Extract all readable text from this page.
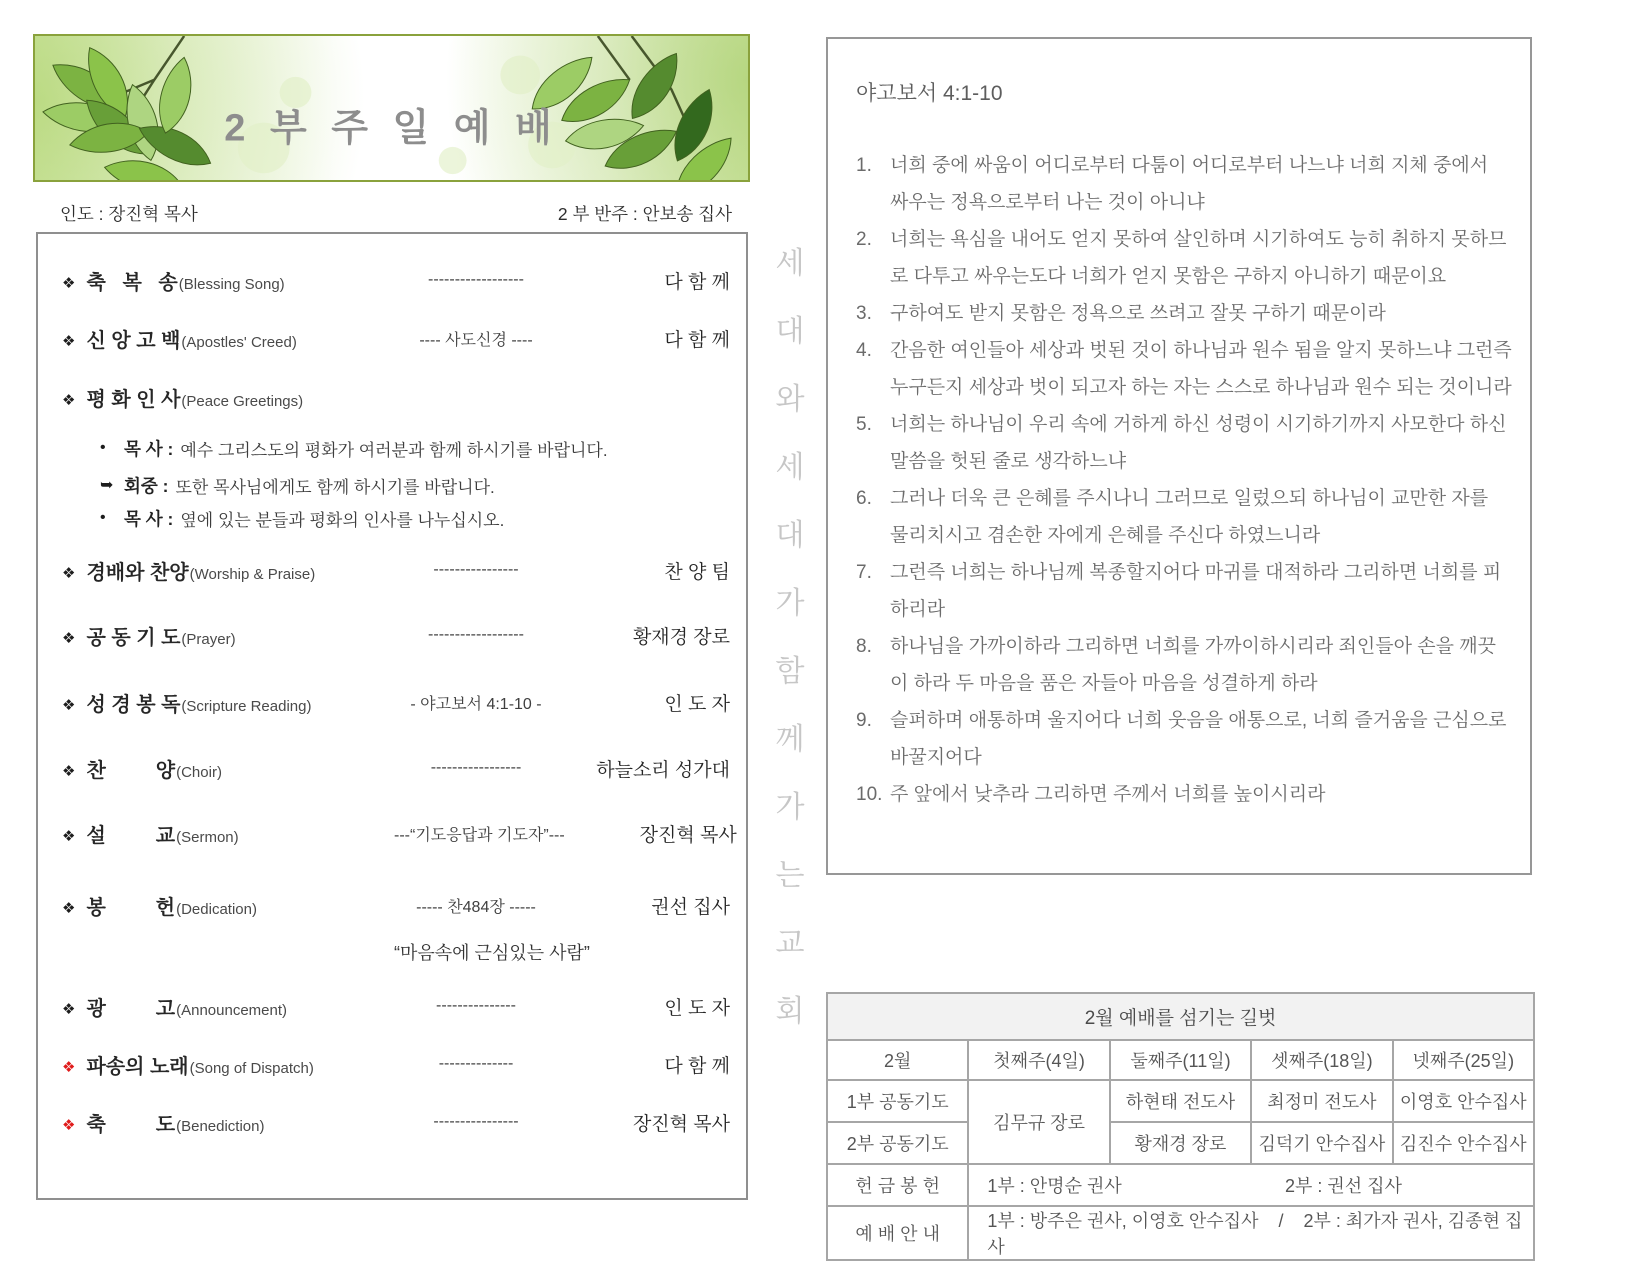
2 부 주 일 예 배
인도 : 장진혁 목사	2 부 반주 : 안보송 집사
❖ 축   복   송 (Blessing Song)	------------------	다 함 께
❖ 신 앙 고 백 (Apostles' Creed)	---- 사도신경 ----	다 함 께
❖ 평 화 인 사 (Peace Greetings)
•	목 사 : 예수 그리스도의 평화가 여러분과 함께 하시기를 바랍니다.
➥ 회중 : 또한 목사님에게도 함께 하시기를 바랍니다.
•	목 사 : 옆에 있는 분들과 평화의 인사를 나누십시오.
❖ 경배와 찬양 (Worship & Praise)	----------------	찬 양 팀
❖ 공 동 기 도 (Prayer)	------------------	황재경 장로
❖ 성 경 봉 독 (Scripture Reading)	- 야고보서 4:1-10 -	인 도 자
❖ 찬         양 (Choir)	-----------------	하늘소리 성가대
❖ 설         교 (Sermon)	---“기도응답과 기도자”---	장진혁 목사
❖ 봉         헌 (Dedication)	----- 찬484장 -----	권선 집사
“마음속에 근심있는 사람”
❖ 광         고 (Announcement)	---------------	인 도 자
❖ 파송의 노래 (Song of Dispatch)	--------------	다 함 께
❖ 축         도 (Benediction)	----------------	장진혁 목사
세
대
와
세
대
가
함
께
가
는
교
회
야고보서 4:1-10
1. 너희 중에 싸움이 어디로부터 다툼이 어디로부터 나느냐 너희 지체 중에서
싸우는 정욕으로부터 나는 것이 아니냐
2. 너희는 욕심을 내어도 얻지 못하여 살인하며 시기하여도 능히 취하지 못하므
로 다투고 싸우는도다 너희가 얻지 못함은 구하지 아니하기 때문이요
3. 구하여도 받지 못함은 정욕으로 쓰려고 잘못 구하기 때문이라
4. 간음한 여인들아 세상과 벗된 것이 하나님과 원수 됨을 알지 못하느냐 그런즉
누구든지 세상과 벗이 되고자 하는 자는 스스로 하나님과 원수 되는 것이니라
5. 너희는 하나님이 우리 속에 거하게 하신 성령이 시기하기까지 사모한다 하신
말씀을 헛된 줄로 생각하느냐
6. 그러나 더욱 큰 은혜를 주시나니 그러므로 일렀으되 하나님이 교만한 자를
물리치시고 겸손한 자에게 은혜를 주신다 하였느니라
7. 그런즉 너희는 하나님께 복종할지어다 마귀를 대적하라 그리하면 너희를 피
하리라
8. 하나님을 가까이하라 그리하면 너희를 가까이하시리라 죄인들아 손을 깨끗
이 하라 두 마음을 품은 자들아 마음을 성결하게 하라
9. 슬퍼하며 애통하며 울지어다 너희 웃음을 애통으로, 너희 즐거움을 근심으로
바꿀지어다
10. 주 앞에서 낮추라 그리하면 주께서 너희를 높이시리라
2월 예배를 섬기는 길벗				
2월	첫째주(4일)	둘째주(11일)	셋째주(18일)	넷째주(25일)
1부 공동기도	김무규 장로	하현태 전도사	최정미 전도사	이영호 안수집사
2부 공동기도		황재경 장로	김덕기 안수집사	김진수 안수집사
헌 금 봉 헌	1부 : 안명순 권사 2부 : 권선 집사			

예 배 안 내	1부 : 방주은 권사, 이영호 안수집사    /    2부 : 최가자 권사, 김종현 집사			
